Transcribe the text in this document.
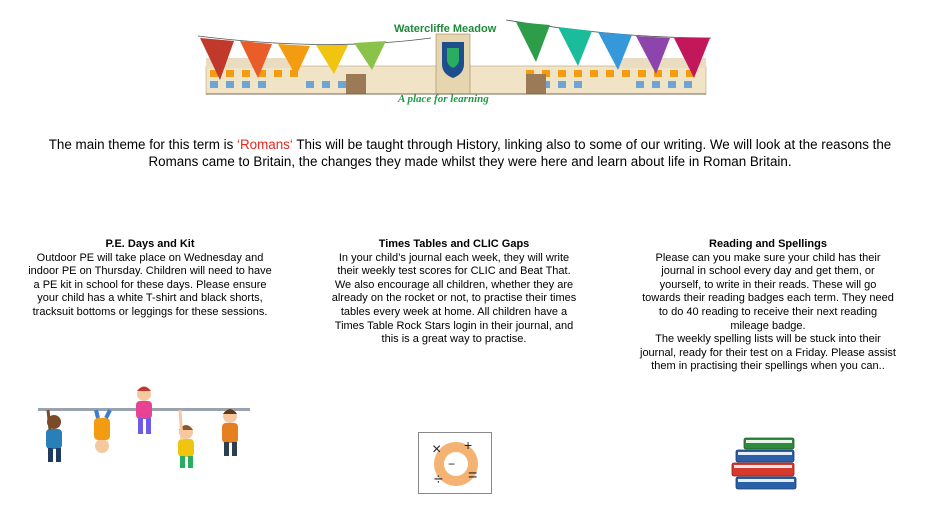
Watercliffe Meadow
A place for learning
The main theme for this term is ‘Romans‘ This will be taught through History, linking also to some of our writing. We will look at the reasons the Romans came to Britain, the changes they made whilst they were here and learn about life in Roman Britain.
P.E. Days and Kit

Outdoor PE will take place on Wednesday and indoor PE on Thursday. Children will need to have a PE kit in school for these days. Please ensure your child has a white T-shirt and black shorts, tracksuit bottoms or leggings for these sessions.

Times Tables and CLIC Gaps

In your child’s journal each week, they will write their weekly test scores for CLIC and Beat That. We also encourage all children, whether they are already on the rocket or not, to practise their times tables every week at home. All children have a Times Table Rock Stars login in their journal, and this is a great way to practise.

Reading and Spellings

Please can you make sure your child has their journal in school every day and get them, or yourself, to write in their reads. These will go towards their reading badges each term. They need to do 40 reading to receive their next reading mileage badge.

The weekly spelling lists will be stuck into their journal, ready for their test on a Friday. Please assist them in practising their spellings when you can..

× +
÷ =
−
